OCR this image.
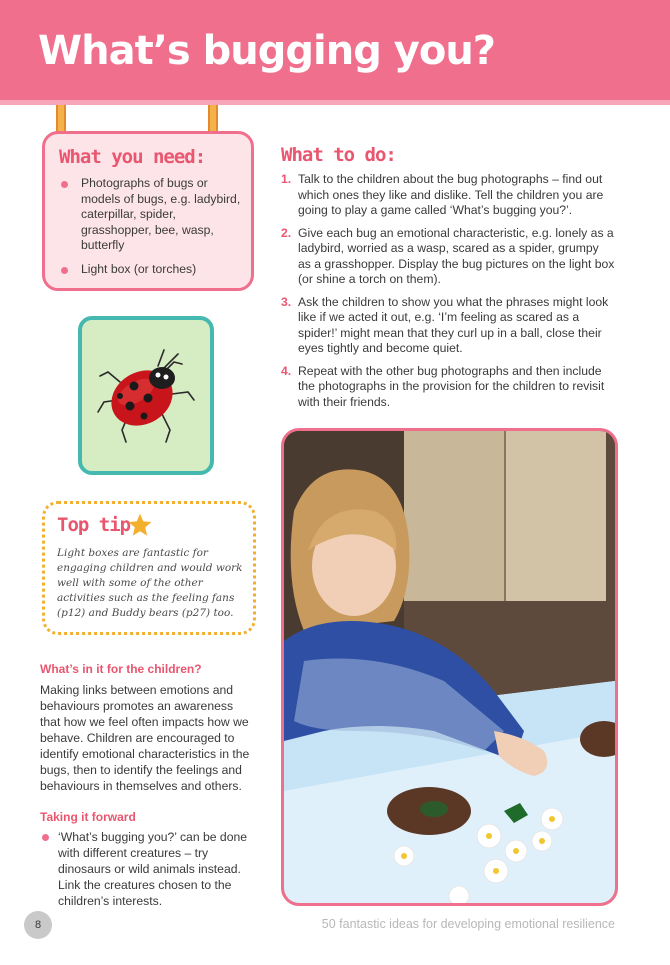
What’s bugging you?
What you need:
Photographs of bugs or models of bugs, e.g. ladybird, caterpillar, spider, grasshopper, bee, wasp, butterfly
Light box (or torches)
Top tip

Light boxes are fantastic for engaging children and would work well with some of the other activities such as the feeling fans (p12) and Buddy bears (p27) too.

What’s in it for the children?

Making links between emotions and behaviours promotes an awareness that how we feel often impacts how we behave. Children are encouraged to identify emotional characteristics in the bugs, then to identify the feelings and behaviours in themselves and others.

Taking it forward

‘What’s bugging you?’ can be done with different creatures – try dinosaurs or wild animals instead. Link the creatures chosen to the children’s interests.

What to do:
1. Talk to the children about the bug photographs – find out which ones they like and dislike. Tell the children you are going to play a game called ‘What’s bugging you?’.
2. Give each bug an emotional characteristic, e.g. lonely as a ladybird, worried as a wasp, scared as a spider, grumpy as a grasshopper. Display the bug pictures on the light box (or shine a torch on them).
3. Ask the children to show you what the phrases might look like if we acted it out, e.g. ‘I’m feeling as scared as a spider!’ might mean that they curl up in a ball, close their eyes tightly and become quiet.
4. Repeat with the other bug photographs and then include the photographs in the provision for the children to revisit with their friends.
8	50 fantastic ideas for developing emotional resilience
